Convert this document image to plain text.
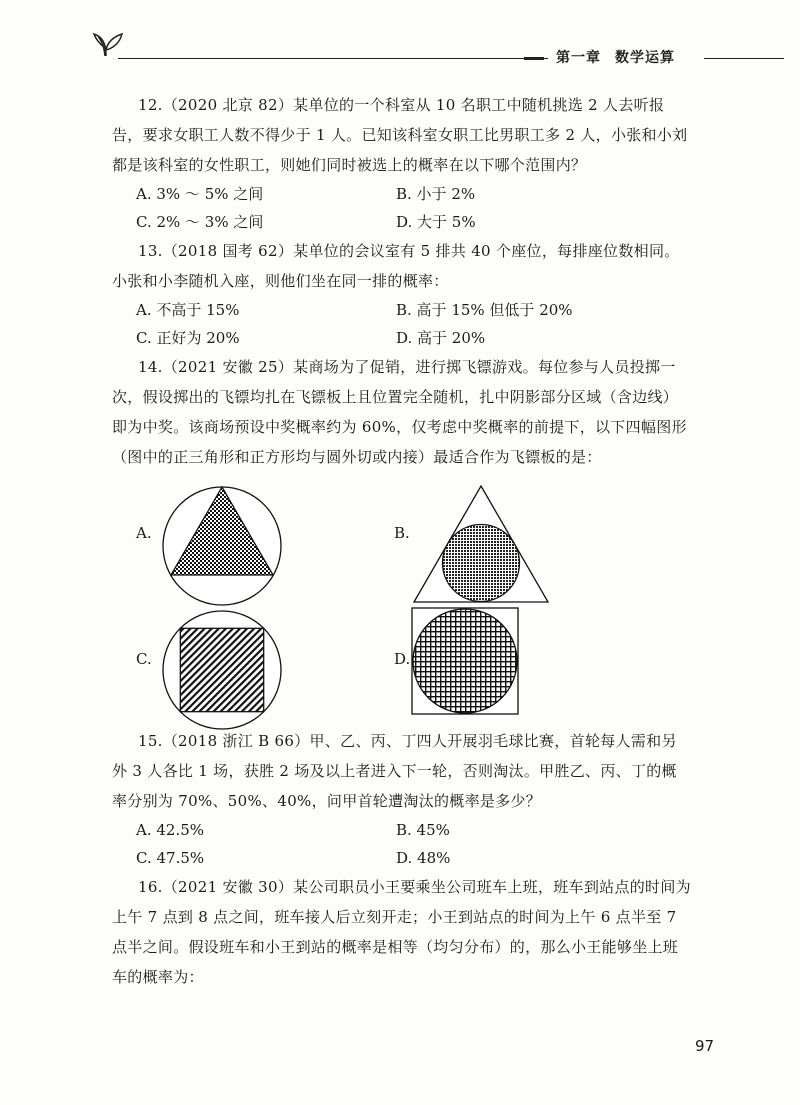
第一章 数学运算

12.（2020 北京 82）某单位的一个科室从 10 名职工中随机挑选 2 人去听报告，要求女职工人数不得少于 1 人。已知该科室女职工比男职工多 2 人，小张和小刘都是该科室的女性职工，则她们同时被选上的概率在以下哪个范围内？

A. 3% ～ 5% 之间	B. 小于 2%
C. 2% ～ 3% 之间	D. 大于 5%

13.（2018 国考 62）某单位的会议室有 5 排共 40 个座位，每排座位数相同。小张和小李随机入座，则他们坐在同一排的概率：

A. 不高于 15%	B. 高于 15% 但低于 20%
C. 正好为 20%	D. 高于 20%

14.（2021 安徽 25）某商场为了促销，进行掷飞镖游戏。每位参与人员投掷一次，假设掷出的飞镖均扎在飞镖板上且位置完全随机，扎中阴影部分区域（含边线）即为中奖。该商场预设中奖概率约为 60%，仅考虑中奖概率的前提下，以下四幅图形（图中的正三角形和正方形均与圆外切或内接）最适合作为飞镖板的是：

A.	B.
C.	D.

15.（2018 浙江 B 66）甲、乙、丙、丁四人开展羽毛球比赛，首轮每人需和另外 3 人各比 1 场，获胜 2 场及以上者进入下一轮，否则淘汰。甲胜乙、丙、丁的概率分别为 70%、50%、40%，问甲首轮遭淘汰的概率是多少？

A. 42.5%	B. 45%
C. 47.5%	D. 48%

16.（2021 安徽 30）某公司职员小王要乘坐公司班车上班，班车到站点的时间为上午 7 点到 8 点之间，班车接人后立刻开走；小王到站点的时间为上午 6 点半至 7 点半之间。假设班车和小王到站的概率是相等（均匀分布）的，那么小王能够坐上班车的概率为：

97
